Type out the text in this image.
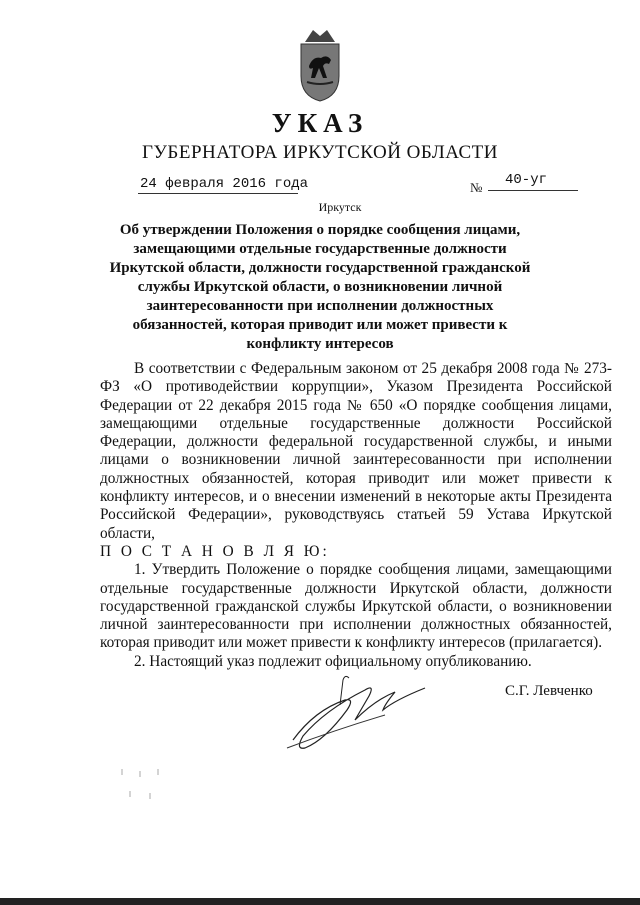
УКАЗ
ГУБЕРНАТОРА ИРКУТСКОЙ ОБЛАСТИ
24 февраля 2016 года	№ 40-уг
Иркутск
Об утверждении Положения о порядке сообщения лицами, замещающими отдельные государственные должности Иркутской области, должности государственной гражданской службы Иркутской области, о возникновении личной заинтересованности при исполнении должностных обязанностей, которая приводит или может привести к конфликту интересов

В соответствии с Федеральным законом от 25 декабря 2008 года № 273-ФЗ «О противодействии коррупции», Указом Президента Российской Федерации от 22 декабря 2015 года № 650 «О порядке сообщения лицами, замещающими отдельные государственные должности Российской Федерации, должности федеральной государственной службы, и иными лицами о возникновении личной заинтересованности при исполнении должностных обязанностей, которая приводит или может привести к конфликту интересов, и о внесении изменений в некоторые акты Президента Российской Федерации», руководствуясь статьей 59 Устава Иркутской области,

П О С Т А Н О В Л Я Ю:

1. Утвердить Положение о порядке сообщения лицами, замещающими отдельные государственные должности Иркутской области, должности государственной гражданской службы Иркутской области, о возникновении личной заинтересованности при исполнении должностных обязанностей, которая приводит или может привести к конфликту интересов (прилагается).

2. Настоящий указ подлежит официальному опубликованию.

С.Г. Левченко
